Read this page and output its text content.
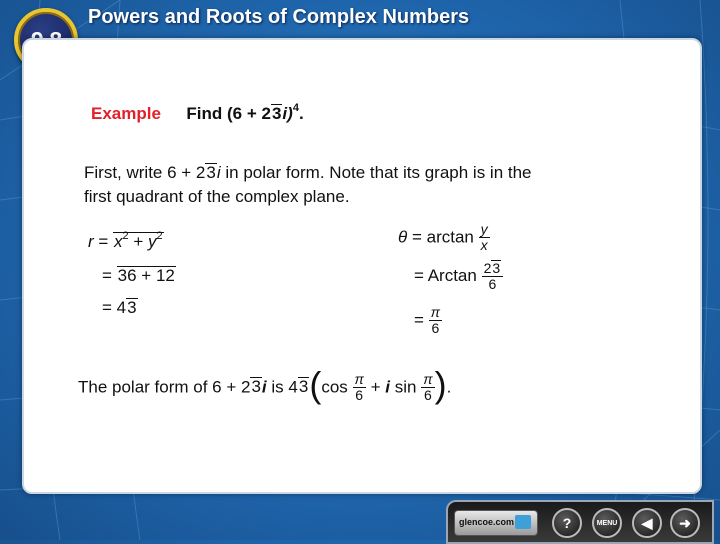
Powers and Roots of Complex Numbers
Example Find $(6 + 23i)^4$.
First, write 6 + 23i in polar form. Note that its graph is in the
first quadrant of the complex plane.
$r = x^2 + y^2$
= 36 + 12
= 43
$\theta = \arctan \frac{y}{x}$
= Arctan $\frac{23}{6}$
= $\frac{\pi}{6}$
The polar form of 6 + 23i is $43(\cos \frac{\pi}{6} + i$ $\sin \frac{\pi}{6}$ ).
glencoe.com	?	MENU ◀ ➜
